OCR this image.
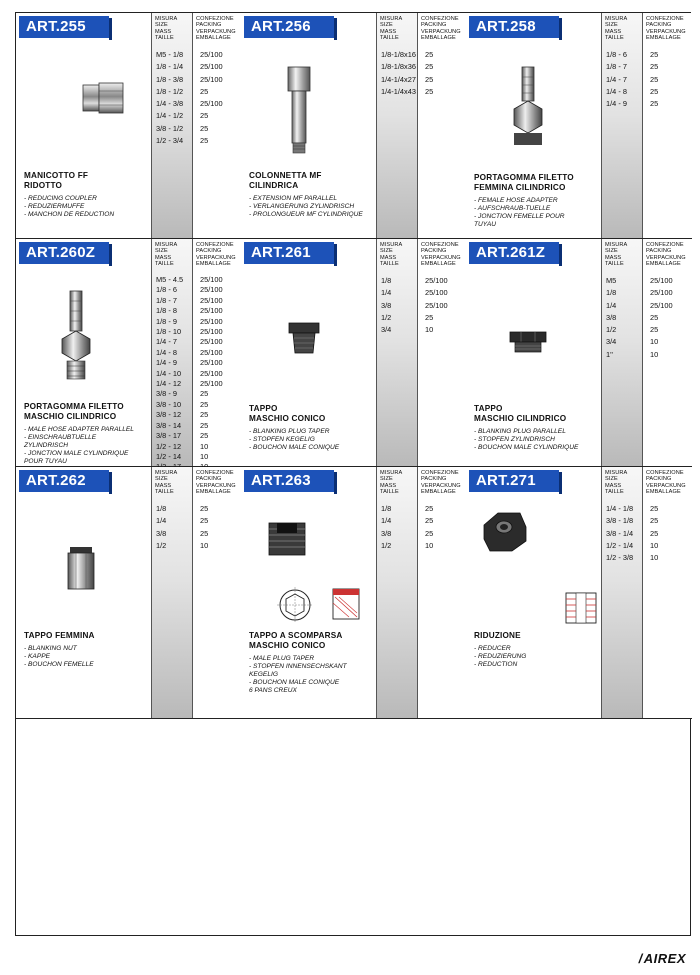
ART.255
MANICOTTO FF
RIDOTTO
- REDUCING COUPLER
- REDUZIERMUFFE
- MANCHON DE REDUCTION
MISURA
SIZE
MASS
TAILLE
M5 - 1/8
1/8 - 1/4
1/8 - 3/8
1/8 - 1/2
1/4 - 3/8
1/4 - 1/2
3/8 - 1/2
1/2 - 3/4
CONFEZIONE
PACKING
VERPACKUNG
EMBALLAGE
25/100
25/100
25/100
25
25/100
25
25
25
ART.256
COLONNETTA MF
CILINDRICA
- EXTENSION MF PARALLEL
- VERLANGERUNG ZYLINDRISCH
- PROLONGUEUR MF CYLINDRIQUE
MISURA
SIZE
MASS
TAILLE
1/8-1/8x16
1/8-1/8x36
1/4-1/4x27
1/4-1/4x43
CONFEZIONE
PACKING
VERPACKUNG
EMBALLAGE
25
25
25
25
ART.258
PORTAGOMMA FILETTO
FEMMINA CILINDRICO
- FEMALE HOSE ADAPTER
- AUFSCHRAUB-TUELLE
- JONCTION FEMELLE POUR
TUYAU
MISURA
SIZE
MASS
TAILLE
1/8 - 6
1/8 - 7
1/4 - 7
1/4 - 8
1/4 - 9
CONFEZIONE
PACKING
VERPACKUNG
EMBALLAGE
25
25
25
25
25
ART.260Z
PORTAGOMMA FILETTO
MASCHIO CILINDRICO
- MALE HOSE ADAPTER PARALLEL
- EINSCHRAUBTUELLE
ZYLINDRISCH
- JONCTION MALE CYLINDRIQUE
POUR TUYAU
MISURA
SIZE
MASS
TAILLE
M5 - 4.5
1/8 - 6
1/8 - 7
1/8 - 8
1/8 - 9
1/8 - 10
1/4 - 7
1/4 - 8
1/4 - 9
1/4 - 10
1/4 - 12
3/8 - 9
3/8 - 10
3/8 - 12
3/8 - 14
3/8 - 17
1/2 - 12
1/2 - 14
CONFEZIONE
PACKING
VERPACKUNG
EMBALLAGE
25/100
25/100
25/100
25/100
25/100
25/100
25/100
25/100
25/100
25/100
25/100
25
25
25
25
25
10
10
ART.261
TAPPO
MASCHIO CONICO
- BLANKING PLUG TAPER
- STOPFEN KEGELIG
- BOUCHON MALE CONIQUE
MISURA
SIZE
MASS
TAILLE
1/8
1/4
3/8
1/2
3/4
CONFEZIONE
PACKING
VERPACKUNG
EMBALLAGE
25/100
25/100
25/100
25
10
ART.261Z
TAPPO
MASCHIO CILINDRICO
- BLANKING PLUG PARALLEL
- STOPFEN ZYLINDRISCH
- BOUCHON MALE CYLINDRIQUE
MISURA
SIZE
MASS
TAILLE
M5
1/8
1/4
3/8
1/2
3/4
1''
CONFEZIONE
PACKING
VERPACKUNG
EMBALLAGE
25/100
25/100
25/100
25
25
10
10
ART.262
TAPPO FEMMINA
- BLANKING NUT
- KAPPE
- BOUCHON FEMELLE
MISURA
SIZE
MASS
TAILLE
1/8
1/4
3/8
1/2
CONFEZIONE
PACKING
VERPACKUNG
EMBALLAGE
25
25
25
10
ART.263
TAPPO A SCOMPARSA
MASCHIO CONICO
- MALE PLUG TAPER
- STOPFEN INNENSECHSKANT
KEGELIG
- BOUCHON MALE CONIQUE
6 PANS CREUX
MISURA
SIZE
MASS
TAILLE
1/8
1/4
3/8
1/2
CONFEZIONE
PACKING
VERPACKUNG
EMBALLAGE
25
25
25
10
ART.271
RIDUZIONE
- REDUCER
- REDUZIERUNG
- REDUCTION
MISURA
SIZE
MASS
TAILLE
1/4 - 1/8
3/8 - 1/8
3/8 - 1/4
1/2 - 1/4
1/2 - 3/8
CONFEZIONE
PACKING
VERPACKUNG
EMBALLAGE
25
25
25
10
10
/ AIREX
